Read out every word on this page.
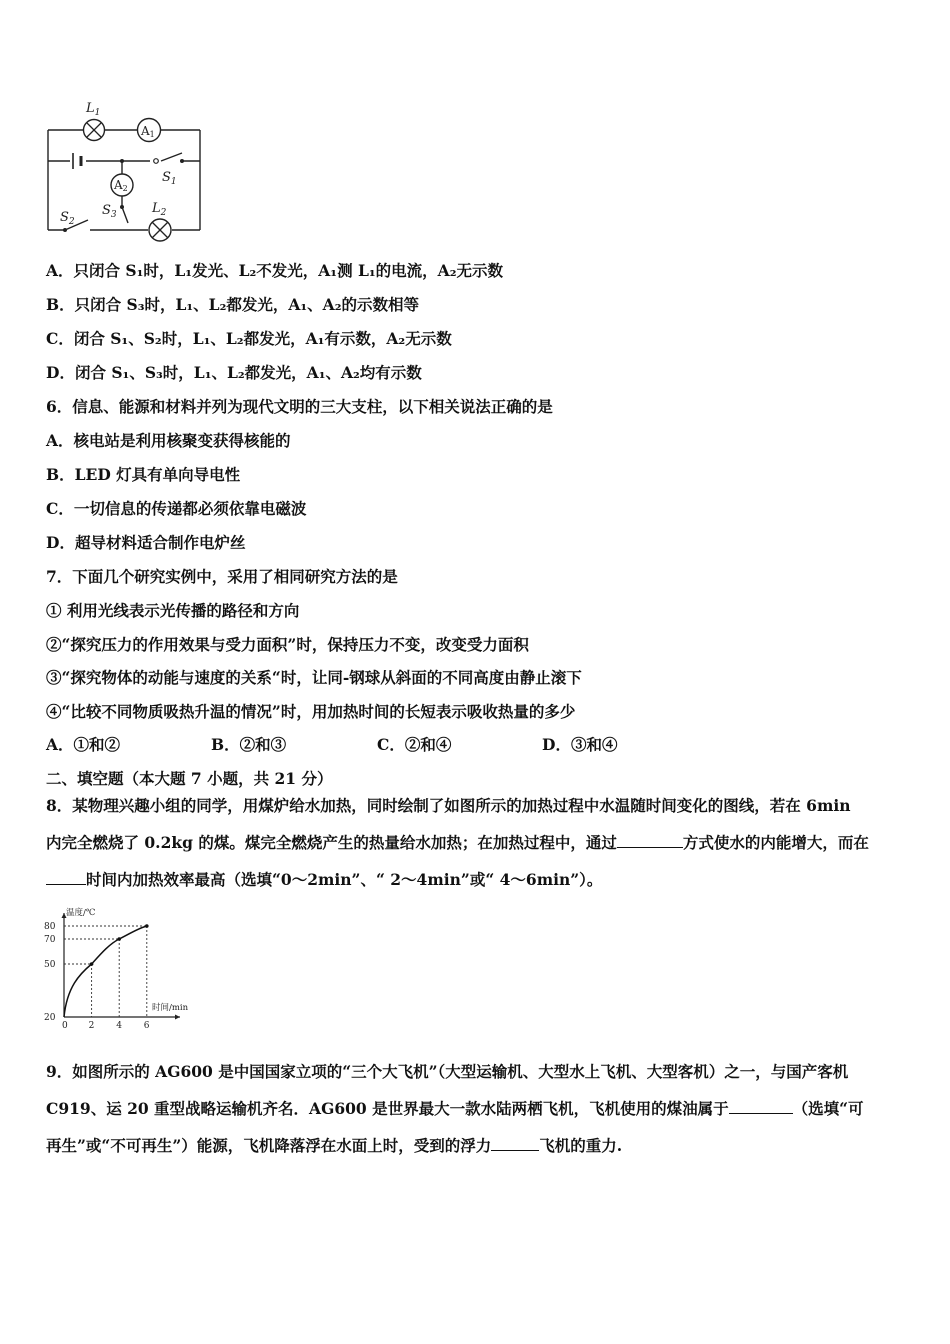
$L_1$
A1
A2
$S_1$
$S_2$
$S_3$	$L_2$
A．只闭合 S₁时，L₁发光、L₂不发光，A₁测 L₁的电流，A₂无示数
B．只闭合 S₃时，L₁、L₂都发光，A₁、A₂的示数相等
C．闭合 S₁、S₂时，L₁、L₂都发光，A₁有示数，A₂无示数
D．闭合 S₁、S₃时，L₁、L₂都发光，A₁、A₂均有示数
6．信息、能源和材料并列为现代文明的三大支柱，以下相关说法正确的是
A．核电站是利用核聚变获得核能的
B．LED 灯具有单向导电性
C．一切信息的传递都必须依靠电磁波
D．超导材料适合制作电炉丝
7．下面几个研究实例中，采用了相同研究方法的是
① 利用光线表示光传播的路径和方向
②“探究压力的作用效果与受力面积”时，保持压力不变，改变受力面积
③“探究物体的动能与速度的关系“时，让同-钢球从斜面的不同高度由静止滚下
④“比较不同物质吸热升温的情况”时，用加热时间的长短表示吸收热量的多少
A．①和②	B．②和③	C．②和④	D．③和④
二、填空题（本大题 7 小题，共 21 分）
8．某物理兴趣小组的同学，用煤炉给水加热，同时绘制了如图所示的加热过程中水温随时间变化的图线，若在 6min
内完全燃烧了 0.2kg 的煤。煤完全燃烧产生的热量给水加热；在加热过程中，通过	方式使水的内能增大，而在
时间内加热效率最高（选填“0～2min”、“ 2～4min”或“ 4～6min”）。
温度/℃
时间/min
0 2 4 6
20
50
70
80
9．如图所示的 AG600 是中国国家立项的“三个大飞机”（大型运输机、大型水上飞机、大型客机）之一，与国产客机
C919、运 20 重型战略运输机齐名．AG600 是世界最大一款水陆两栖飞机，飞机使用的煤油属于	（选填“可
再生”或“不可再生”）能源，飞机降落浮在水面上时，受到的浮力	飞机的重力.
